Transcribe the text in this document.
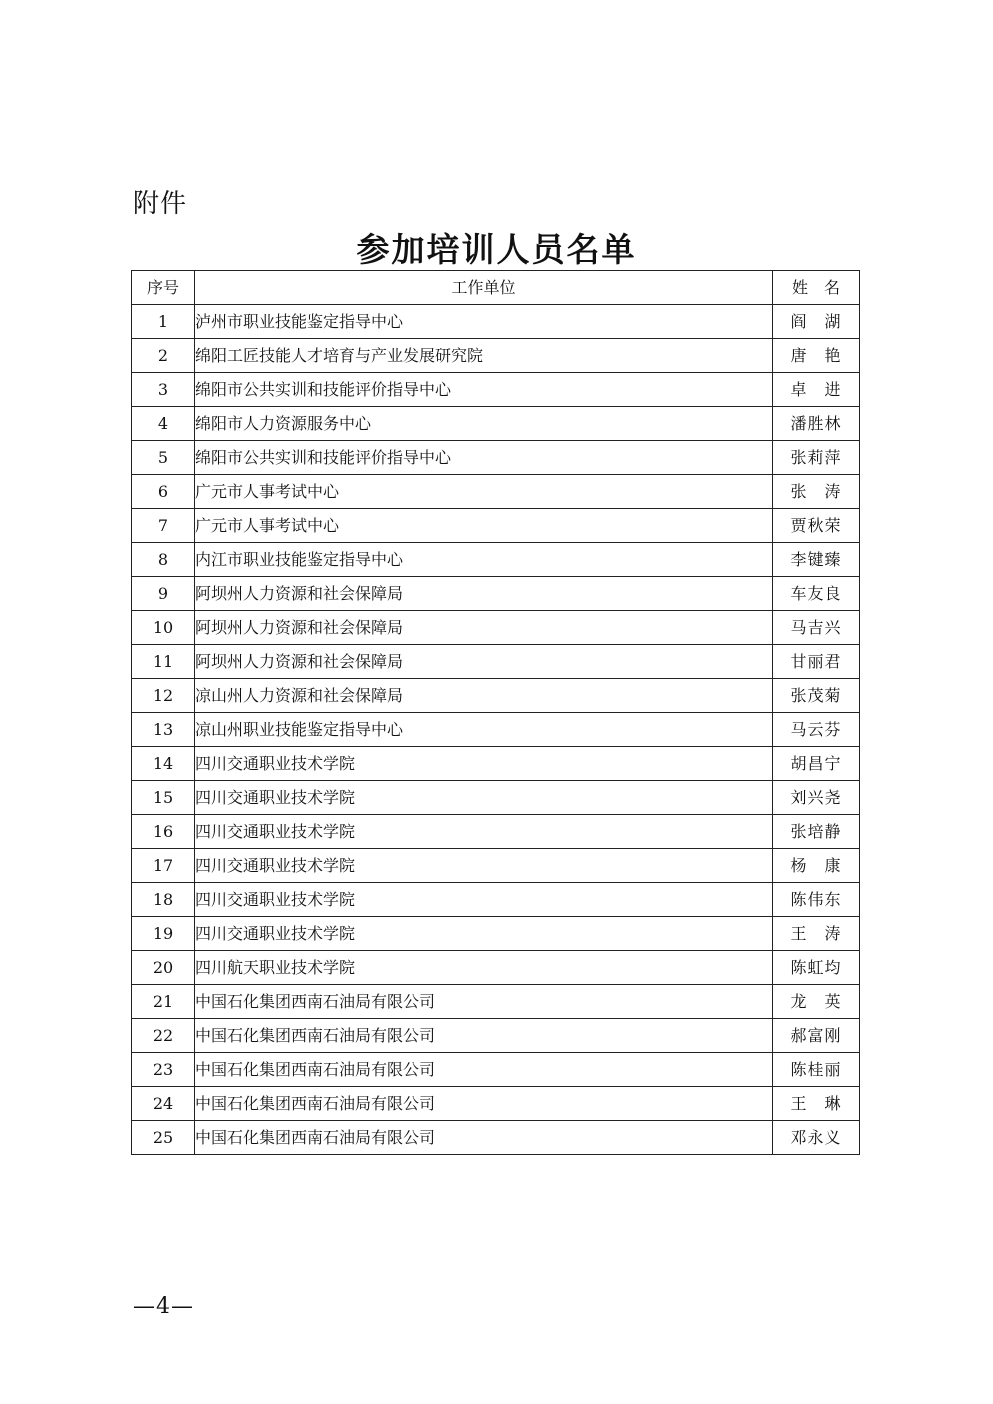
附件
参加培训人员名单
序号	工作单位	姓　名
1	泸州市职业技能鉴定指导中心	阎　湖
2	绵阳工匠技能人才培育与产业发展研究院	唐　艳
3	绵阳市公共实训和技能评价指导中心	卓　进
4	绵阳市人力资源服务中心	潘胜林
5	绵阳市公共实训和技能评价指导中心	张莉萍
6	广元市人事考试中心	张　涛
7	广元市人事考试中心	贾秋荣
8	内江市职业技能鉴定指导中心	李键臻
9	阿坝州人力资源和社会保障局	车友良
10	阿坝州人力资源和社会保障局	马吉兴
11	阿坝州人力资源和社会保障局	甘丽君
12	凉山州人力资源和社会保障局	张茂菊
13	凉山州职业技能鉴定指导中心	马云芬
14	四川交通职业技术学院	胡昌宁
15	四川交通职业技术学院	刘兴尧
16	四川交通职业技术学院	张培静
17	四川交通职业技术学院	杨　康
18	四川交通职业技术学院	陈伟东
19	四川交通职业技术学院	王　涛
20	四川航天职业技术学院	陈虹均
21	中国石化集团西南石油局有限公司	龙　英
22	中国石化集团西南石油局有限公司	郝富刚
23	中国石化集团西南石油局有限公司	陈桂丽
24	中国石化集团西南石油局有限公司	王　琳
25	中国石化集团西南石油局有限公司	邓永义
—4—
